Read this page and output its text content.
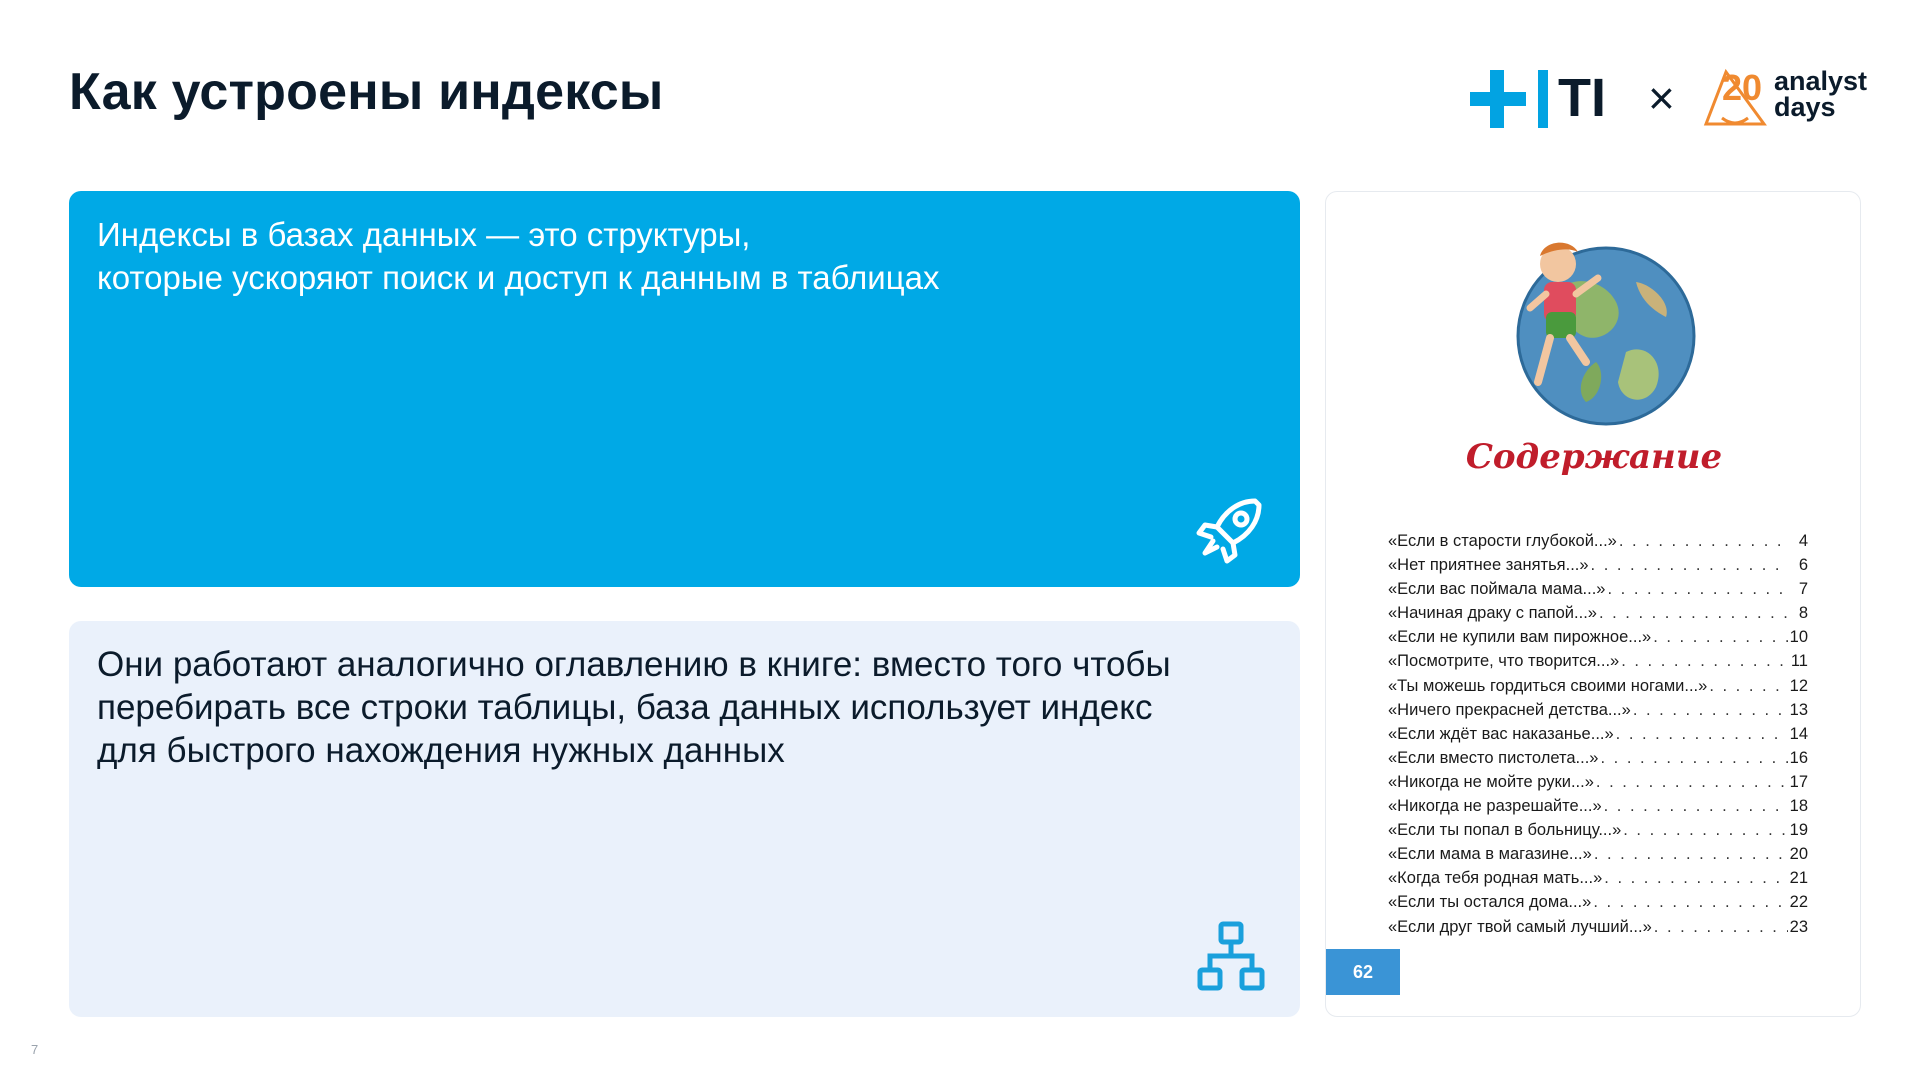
Как устроены индексы	TI × 20 analyst
days
Индексы в базах данных — это структуры,
которые ускоряют поиск и доступ к данным в таблицах
Они работают аналогично оглавлению в книге: вместо того чтобы
перебирать все строки таблицы, база данных использует индекс
для быстрого нахождения нужных данных
Содержание
«Если в старости глубокой...» . . .	4
«Нет приятнее занятья...» . . .	6
«Если вас поймала мама...» . . .	7
«Начиная драку с папой...» . . .	8
«Если не купили вам пирожное...» . . .	10
«Посмотрите, что творится...» . . .	11
«Ты можешь гордиться своими ногами...» . . .	12
«Ничего прекрасней детства...» . . .	13
«Если ждёт вас наказанье...» . . .	14
«Если вместо пистолета...» . . .	16
«Никогда не мойте руки...» . . .	17
«Никогда не разрешайте...» . . .	18
«Если ты попал в больницу...» . . .	19
«Если мама в магазине...» . . .	20
«Когда тебя родная мать...» . . .	21
«Если ты остался дома...» . . .	22
«Если друг твой самый лучший...» . . .	23
62
7
